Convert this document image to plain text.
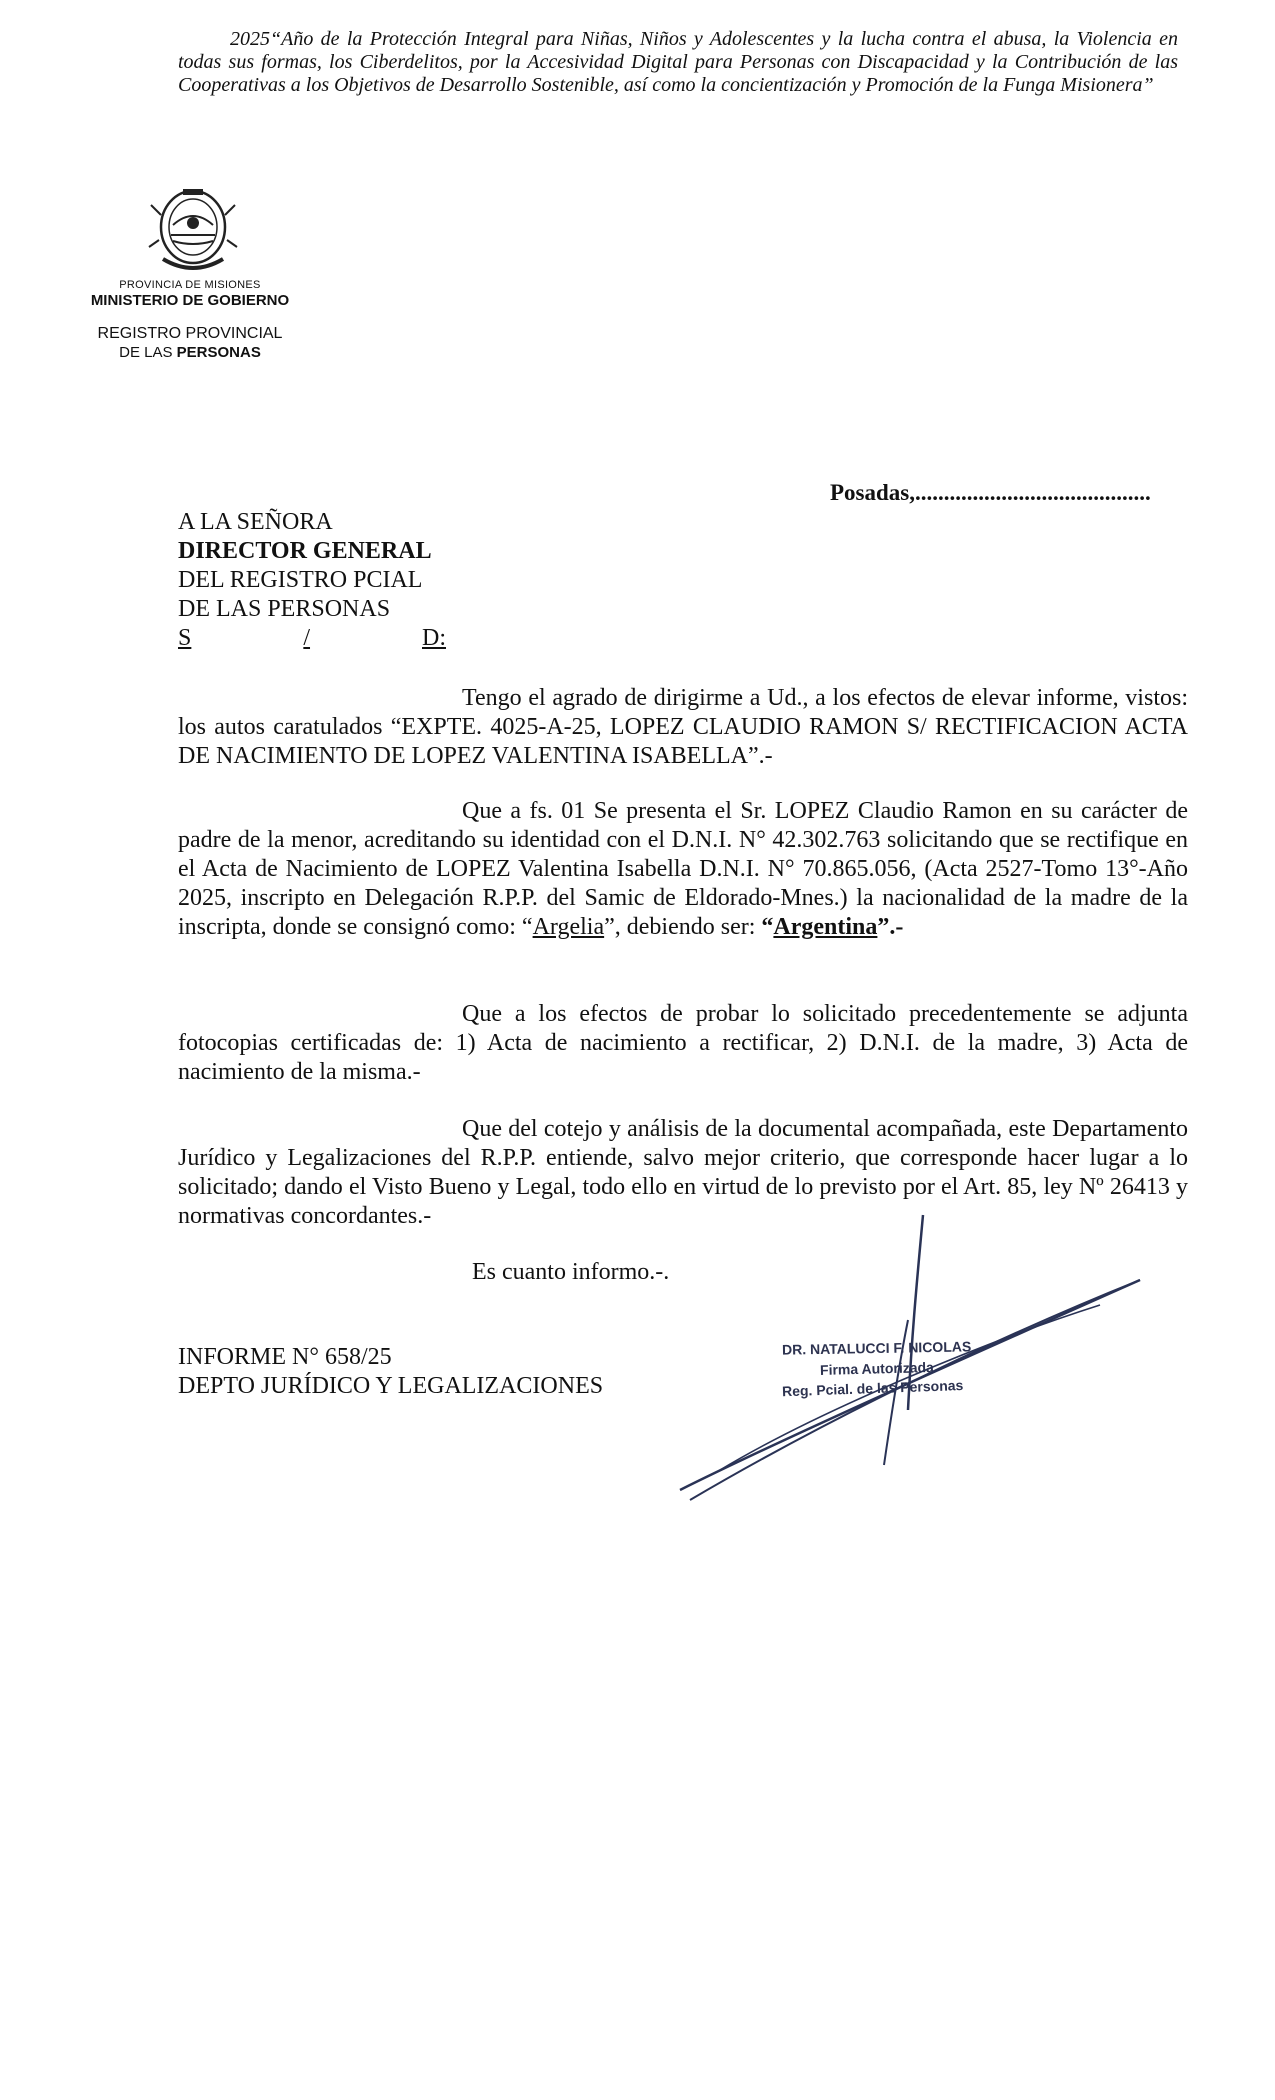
2025“Año de la Protección Integral para Niñas, Niños y Adolescentes y la lucha contra el abusa, la Violencia en todas sus formas, los Ciberdelitos, por la Accesividad Digital para Personas con Discapacidad y la Contribución de las Cooperativas a los Objetivos de Desarrollo Sostenible, así como la concientización y Promoción de la Funga Misionera”
PROVINCIA DE MISIONES
MINISTERIO DE GOBIERNO
REGISTRO PROVINCIAL
DE LAS PERSONAS
Posadas,.........................................
A LA SEÑORA
DIRECTOR GENERAL
DEL REGISTRO PCIAL
DE LAS PERSONAS
S	/	D:
Tengo el agrado de dirigirme a Ud., a los efectos de elevar informe, vistos: los autos caratulados “EXPTE. 4025-A-25, LOPEZ CLAUDIO RAMON S/ RECTIFICACION ACTA DE NACIMIENTO DE LOPEZ VALENTINA ISABELLA”.-
Que a fs. 01 Se presenta el Sr. LOPEZ Claudio Ramon en su carácter de padre de la menor, acreditando su identidad con el D.N.I. N° 42.302.763 solicitando que se rectifique en el Acta de Nacimiento de LOPEZ Valentina Isabella D.N.I. N° 70.865.056, (Acta 2527-Tomo 13°-Año 2025, inscripto en Delegación R.P.P. del Samic de Eldorado-Mnes.) la nacionalidad de la madre de la inscripta, donde se consignó como: “Argelia”, debiendo ser: “Argentina”.-
Que a los efectos de probar lo solicitado precedentemente se adjunta fotocopias certificadas de: 1) Acta de nacimiento a rectificar, 2) D.N.I. de la madre, 3) Acta de nacimiento de la misma.-
Que del cotejo y análisis de la documental acompañada, este Departamento Jurídico y Legalizaciones del R.P.P. entiende, salvo mejor criterio, que corresponde hacer lugar a lo solicitado; dando el Visto Bueno y Legal, todo ello en virtud de lo previsto por el Art. 85, ley Nº 26413 y normativas concordantes.-
Es cuanto informo.-.
INFORME N° 658/25
DEPTO JURÍDICO Y LEGALIZACIONES
DR. NATALUCCI F. NICOLAS
Firma Autorizada
Reg. Pcial. de las Personas
